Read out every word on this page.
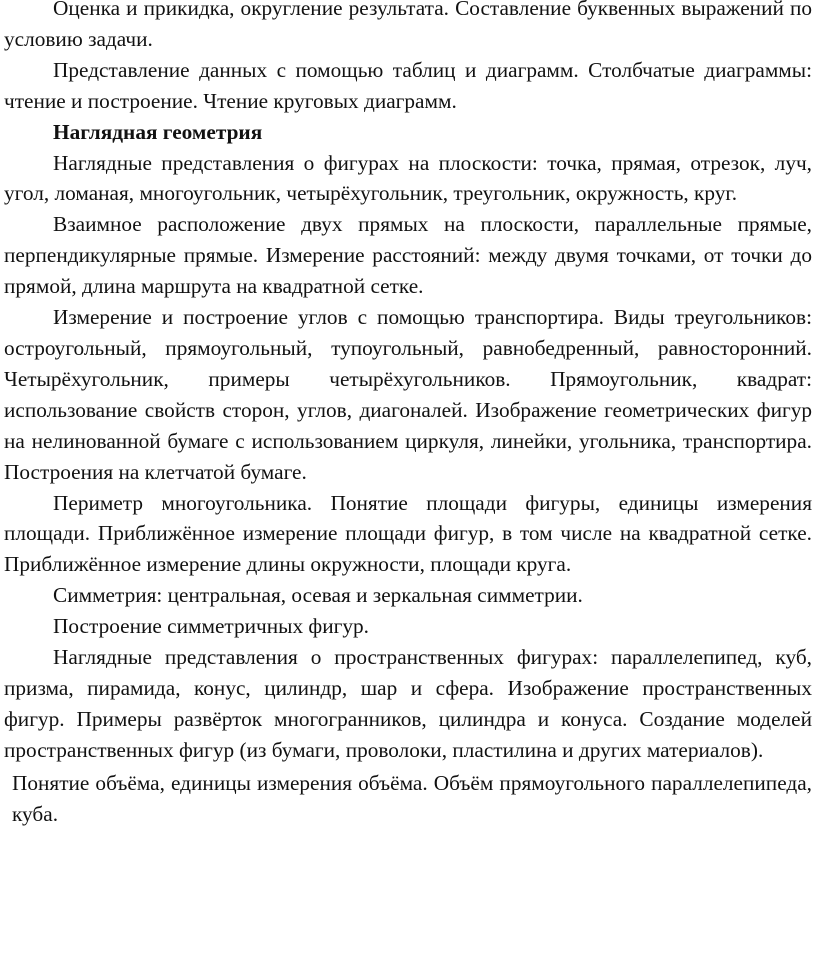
Оценка и прикидка, округление результата. Составление буквенных выражений по условию задачи.

Представление данных с помощью таблиц и диаграмм. Столбчатые диаграммы: чтение и построение. Чтение круговых диаграмм.

Наглядная геометрия

Наглядные представления о фигурах на плоскости: точка, прямая, отрезок, луч, угол, ломаная, многоугольник, четырёхугольник, треугольник, окружность, круг.

Взаимное расположение двух прямых на плоскости, параллельные прямые, перпендикулярные прямые. Измерение расстояний: между двумя точками, от точки до прямой, длина маршрута на квадратной сетке.

Измерение и построение углов с помощью транспортира. Виды треугольников: остроугольный, прямоугольный, тупоугольный, равнобедренный, равносторонний. Четырёхугольник, примеры четырёхугольников. Прямоугольник, квадрат: использование свойств сторон, углов, диагоналей. Изображение геометрических фигур на нелинованной бумаге с использованием циркуля, линейки, угольника, транспортира. Построения на клетчатой бумаге.

Периметр многоугольника. Понятие площади фигуры, единицы измерения площади. Приближённое измерение площади фигур, в том числе на квадратной сетке. Приближённое измерение длины окружности, площади круга.

Симметрия: центральная, осевая и зеркальная симметрии.

Построение симметричных фигур.

Наглядные представления о пространственных фигурах: параллелепипед, куб, призма, пирамида, конус, цилиндр, шар и сфера. Изображение пространственных фигур. Примеры развёрток многогранников, цилиндра и конуса. Создание моделей пространственных фигур (из бумаги, проволоки, пластилина и других материалов).

Понятие объёма, единицы измерения объёма. Объём прямоугольного параллелепипеда, куба.
